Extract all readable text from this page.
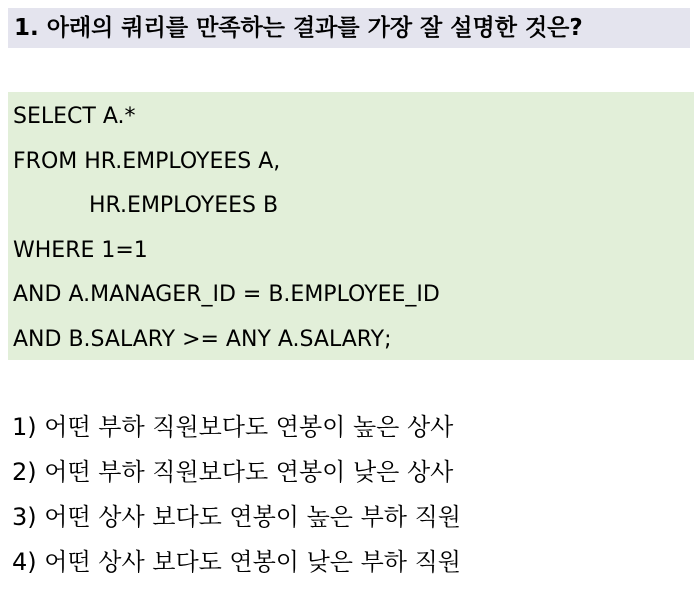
1. 아래의 쿼리를 만족하는 결과를 가장 잘 설명한 것은?
SELECT A.*
FROM HR.EMPLOYEES A,
HR.EMPLOYEES B
WHERE 1=1
AND A.MANAGER_ID = B.EMPLOYEE_ID
AND B.SALARY >= ANY A.SALARY;
1) 어떤 부하 직원보다도 연봉이 높은 상사
2) 어떤 부하 직원보다도 연봉이 낮은 상사
3) 어떤 상사 보다도 연봉이 높은 부하 직원
4) 어떤 상사 보다도 연봉이 낮은 부하 직원
